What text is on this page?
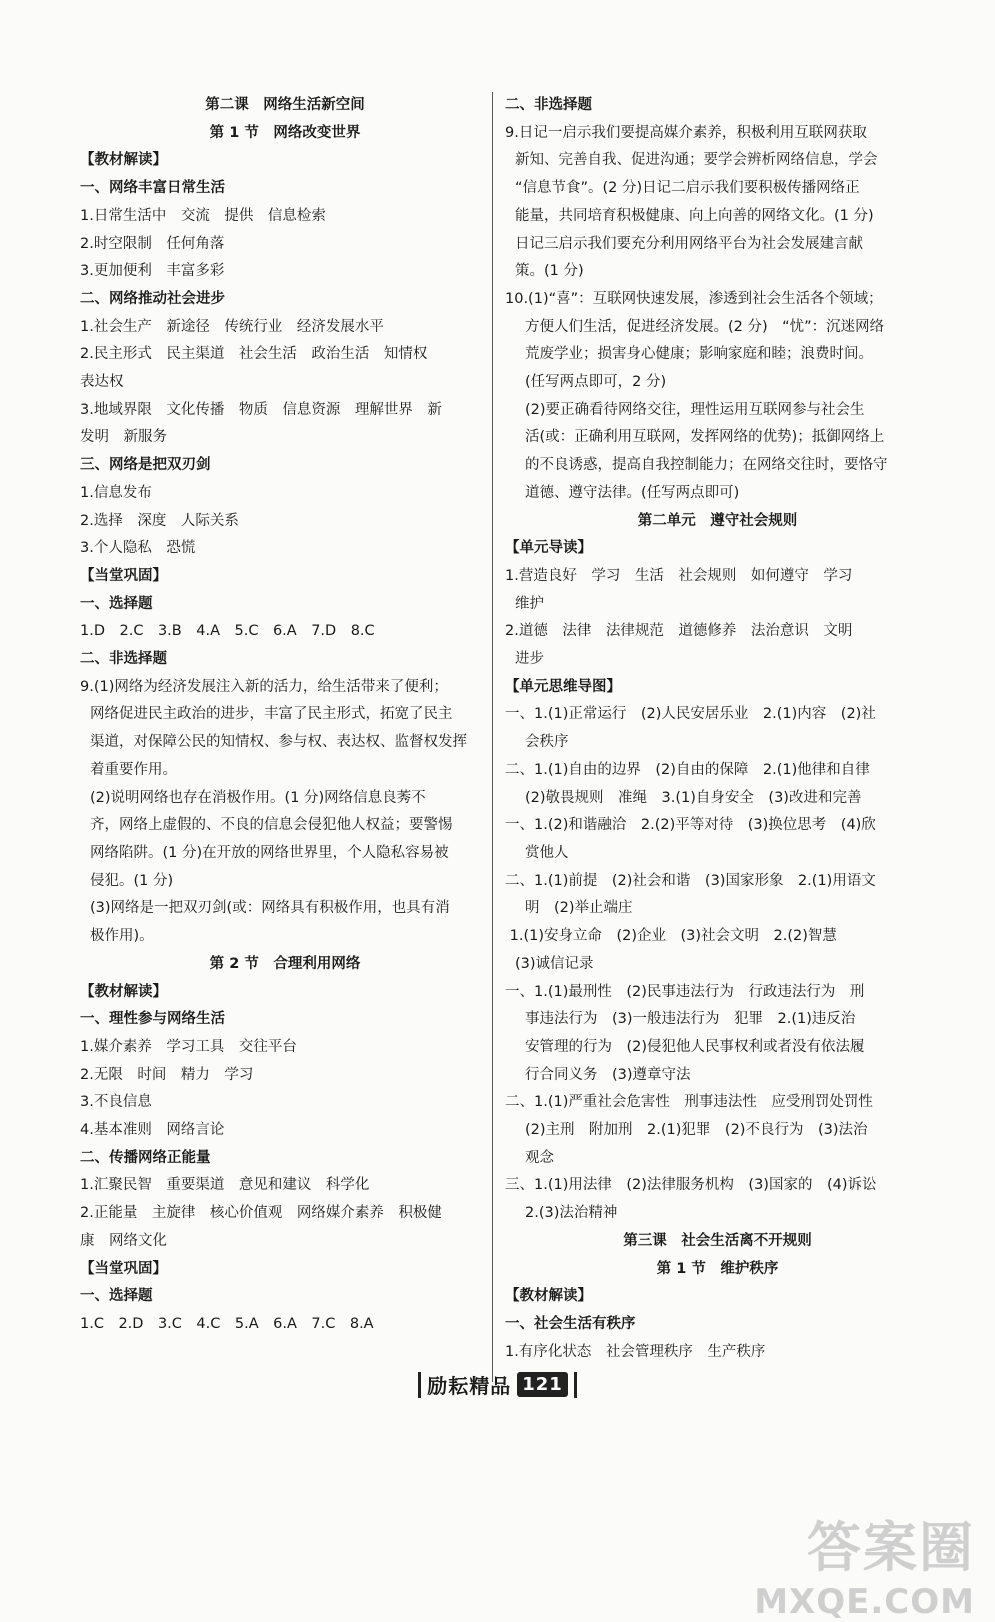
第二课　网络生活新空间

第 1 节　网络改变世界

【教材解读】

一、网络丰富日常生活

1.日常生活中　交流　提供　信息检索

2.时空限制　任何角落

3.更加便利　丰富多彩

二、网络推动社会进步

1.社会生产　新途径　传统行业　经济发展水平

2.民主形式　民主渠道　社会生活　政治生活　知情权

表达权

3.地域界限　文化传播　物质　信息资源　理解世界　新

发明　新服务

三、网络是把双刃剑

1.信息发布

2.选择　深度　人际关系

3.个人隐私　恐慌

【当堂巩固】

一、选择题

1.D　2.C　3.B　4.A　5.C　6.A　7.D　8.C

二、非选择题

9.(1)网络为经济发展注入新的活力，给生活带来了便利；

网络促进民主政治的进步，丰富了民主形式，拓宽了民主

渠道，对保障公民的知情权、参与权、表达权、监督权发挥

着重要作用。

(2)说明网络也存在消极作用。(1 分)网络信息良莠不

齐，网络上虚假的、不良的信息会侵犯他人权益；要警惕

网络陷阱。(1 分)在开放的网络世界里，个人隐私容易被

侵犯。(1 分)

(3)网络是一把双刃剑(或：网络具有积极作用，也具有消

极作用)。

第 2 节　合理利用网络

【教材解读】

一、理性参与网络生活

1.媒介素养　学习工具　交往平台

2.无限　时间　精力　学习

3.不良信息

4.基本准则　网络言论

二、传播网络正能量

1.汇聚民智　重要渠道　意见和建议　科学化

2.正能量　主旋律　核心价值观　网络媒介素养　积极健

康　网络文化

【当堂巩固】

一、选择题

1.C　2.D　3.C　4.C　5.A　6.A　7.C　8.A

二、非选择题

9.日记一启示我们要提高媒介素养，积极利用互联网获取

新知、完善自我、促进沟通；要学会辨析网络信息，学会

“信息节食”。(2 分)日记二启示我们要积极传播网络正

能量，共同培育积极健康、向上向善的网络文化。(1 分)

日记三启示我们要充分利用网络平台为社会发展建言献

策。(1 分)

10.(1)“喜”：互联网快速发展，渗透到社会生活各个领域；

方便人们生活，促进经济发展。(2 分)　“忧”：沉迷网络

荒废学业；损害身心健康；影响家庭和睦；浪费时间。

(任写两点即可，2 分)

(2)要正确看待网络交往，理性运用互联网参与社会生

活(或：正确利用互联网，发挥网络的优势)；抵御网络上

的不良诱惑，提高自我控制能力；在网络交往时，要恪守

道德、遵守法律。(任写两点即可)

第二单元　遵守社会规则

【单元导读】

1.营造良好　学习　生活　社会规则　如何遵守　学习

维护

2.道德　法律　法律规范　道德修养　法治意识　文明

进步

【单元思维导图】

一、1.(1)正常运行　(2)人民安居乐业　2.(1)内容　(2)社

会秩序

二、1.(1)自由的边界　(2)自由的保障　2.(1)他律和自律

(2)敬畏规则　准绳　3.(1)自身安全　(3)改进和完善

一、1.(2)和谐融洽　2.(2)平等对待　(3)换位思考　(4)欣

赏他人

二、1.(1)前提　(2)社会和谐　(3)国家形象　2.(1)用语文

明　(2)举止端庄

1.(1)安身立命　(2)企业　(3)社会文明　2.(2)智慧

(3)诚信记录

一、1.(1)最刑性　(2)民事违法行为　行政违法行为　刑

事违法行为　(3)一般违法行为　犯罪　2.(1)违反治

安管理的行为　(2)侵犯他人民事权利或者没有依法履

行合同义务　(3)遵章守法

二、1.(1)严重社会危害性　刑事违法性　应受刑罚处罚性

(2)主刑　附加刑　2.(1)犯罪　(2)不良行为　(3)法治

观念

三、1.(1)用法律　(2)法律服务机构　(3)国家的　(4)诉讼

2.(3)法治精神

第三课　社会生活离不开规则

第 1 节　维护秩序

【教材解读】

一、社会生活有秩序

1.有序化状态　社会管理秩序　生产秩序

励耘精品 121
答案圈
MXQE.COM
